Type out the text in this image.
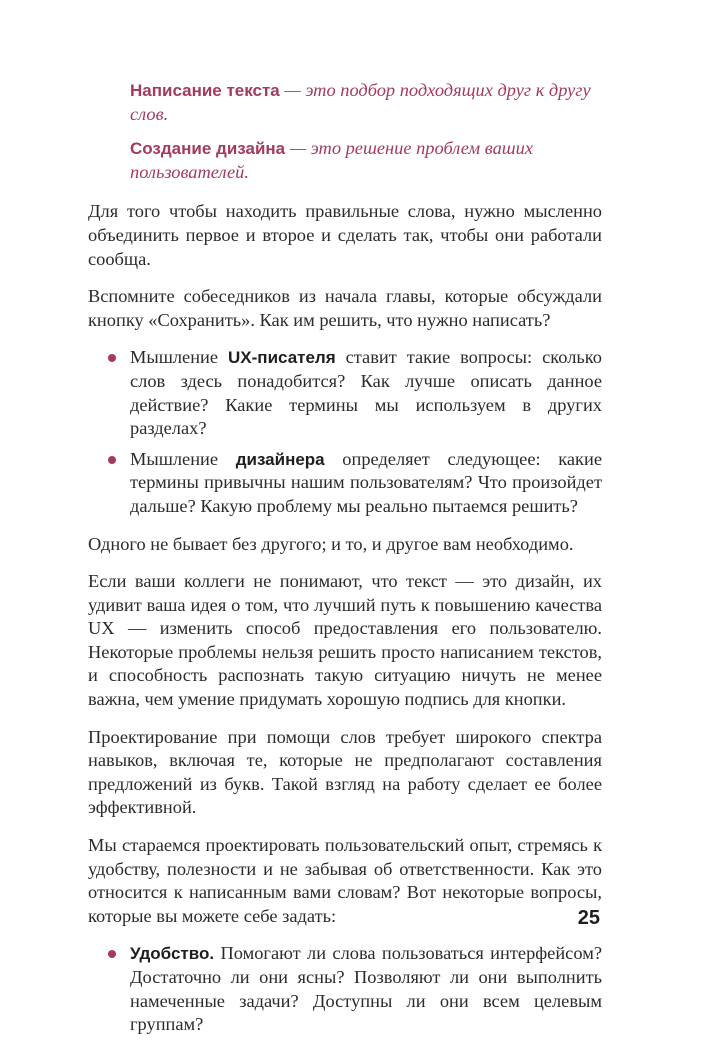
Написание текста — это подбор подходящих друг к другу слов.

Создание дизайна — это решение проблем ваших пользователей.

Для того чтобы находить правильные слова, нужно мысленно объединить первое и второе и сделать так, чтобы они работали сообща.

Вспомните собеседников из начала главы, которые обсуждали кнопку «Сохранить». Как им решить, что нужно написать?

Мышление UX-писателя ставит такие вопросы: сколько слов здесь понадобится? Как лучше описать данное действие? Какие термины мы используем в других разделах?
Мышление дизайнера определяет следующее: какие термины привычны нашим пользователям? Что произойдет дальше? Какую проблему мы реально пытаемся решить?

Одного не бывает без другого; и то, и другое вам необходимо.

Если ваши коллеги не понимают, что текст — это дизайн, их удивит ваша идея о том, что лучший путь к повышению качества UX — изменить способ предоставления его пользователю. Некоторые проблемы нельзя решить просто написанием текстов, и способность распознать такую ситуацию ничуть не менее важна, чем умение придумать хорошую подпись для кнопки.

Проектирование при помощи слов требует широкого спектра навыков, включая те, которые не предполагают составления предложений из букв. Такой взгляд на работу сделает ее более эффективной.

Мы стараемся проектировать пользовательский опыт, стремясь к удобству, полезности и не забывая об ответственности. Как это относится к написанным вами словам? Вот некоторые вопросы, которые вы можете себе задать:

Удобство. Помогают ли слова пользоваться интерфейсом? Достаточно ли они ясны? Позволяют ли они выполнить намеченные задачи? Доступны ли они всем целевым группам?
25
